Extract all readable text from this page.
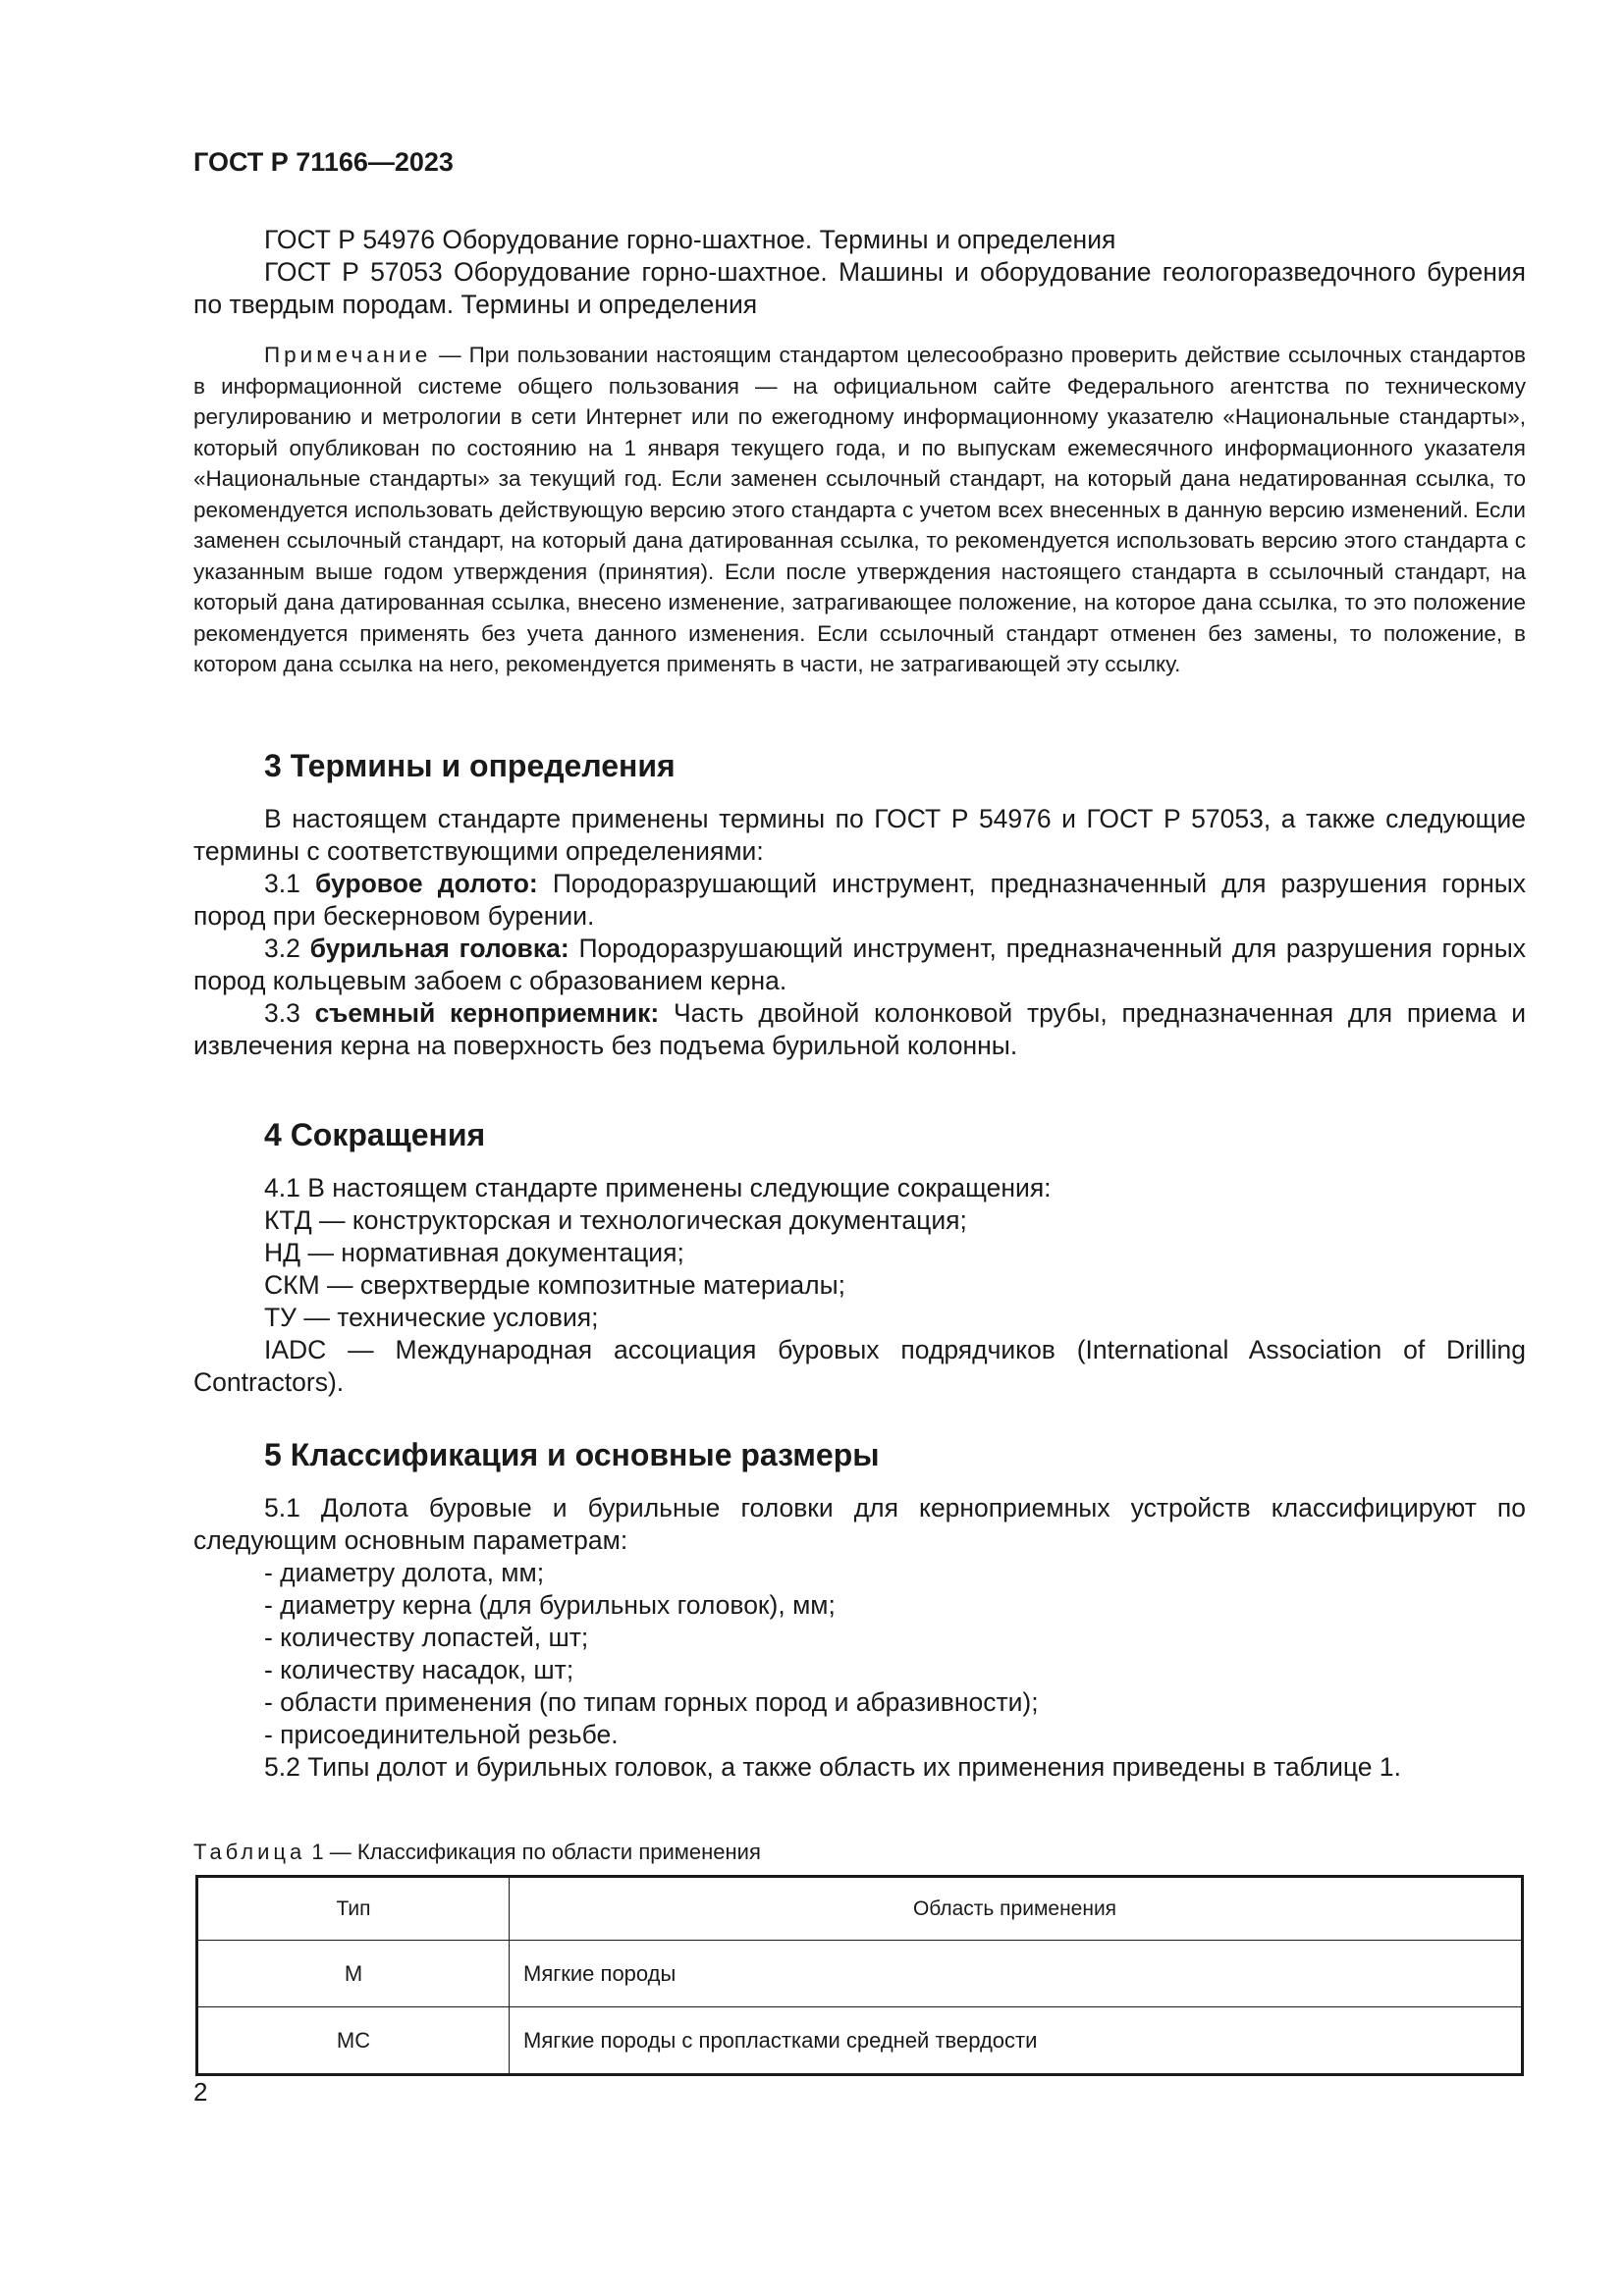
ГОСТ Р 71166—2023

ГОСТ Р 54976 Оборудование горно-шахтное. Термины и определения

ГОСТ Р 57053 Оборудование горно-шахтное. Машины и оборудование геологоразведочного бурения по твердым породам. Термины и определения

Примечание — При пользовании настоящим стандартом целесообразно проверить действие ссылочных стандартов в информационной системе общего пользования — на официальном сайте Федерального агентства по техническому регулированию и метрологии в сети Интернет или по ежегодному информационному указателю «Национальные стандарты», который опубликован по состоянию на 1 января текущего года, и по выпускам ежемесячного информационного указателя «Национальные стандарты» за текущий год. Если заменен ссылочный стандарт, на который дана недатированная ссылка, то рекомендуется использовать действующую версию этого стандарта с учетом всех внесенных в данную версию изменений. Если заменен ссылочный стандарт, на который дана датированная ссылка, то рекомендуется использовать версию этого стандарта с указанным выше годом утверждения (принятия). Если после утверждения настоящего стандарта в ссылочный стандарт, на который дана датированная ссылка, внесено изменение, затрагивающее положение, на которое дана ссылка, то это положение рекомендуется применять без учета данного изменения. Если ссылочный стандарт отменен без замены, то положение, в котором дана ссылка на него, рекомендуется применять в части, не затрагивающей эту ссылку.

3 Термины и определения

В настоящем стандарте применены термины по ГОСТ Р 54976 и ГОСТ Р 57053, а также следующие термины с соответствующими определениями:

3.1 буровое долото: Породоразрушающий инструмент, предназначенный для разрушения горных пород при бескерновом бурении.

3.2 бурильная головка: Породоразрушающий инструмент, предназначенный для разрушения горных пород кольцевым забоем с образованием керна.

3.3 съемный керноприемник: Часть двойной колонковой трубы, предназначенная для приема и извлечения керна на поверхность без подъема бурильной колонны.

4 Сокращения

4.1 В настоящем стандарте применены следующие сокращения:

КТД — конструкторская и технологическая документация;

НД — нормативная документация;

СКМ — сверхтвердые композитные материалы;

ТУ — технические условия;

IADC — Международная ассоциация буровых подрядчиков (International Association of Drilling Contractors).

5 Классификация и основные размеры

5.1 Долота буровые и бурильные головки для керноприемных устройств классифицируют по следующим основным параметрам:

- диаметру долота, мм;

- диаметру керна (для бурильных головок), мм;

- количеству лопастей, шт;

- количеству насадок, шт;

- области применения (по типам горных пород и абразивности);

- присоединительной резьбе.

5.2 Типы долот и бурильных головок, а также область их применения приведены в таблице 1.

Таблица 1 — Классификация по области применения
Тип	Область применения
М	Мягкие породы
МС	Мягкие породы с пропластками средней твердости
2
